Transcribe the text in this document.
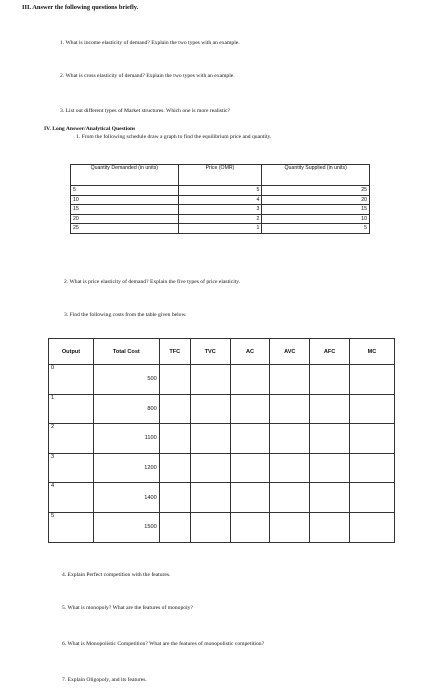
III. Answer the following questions briefly.
1. What is income elasticity of demand? Explain the two types with an example.
2. What is cross elasticity of demand? Explain the two types with an example.
3. List out different types of Market structures. Which one is more realistic?
IV. Long Answer/Analytical Questions
1. From the following schedule draw a graph to find the equilibrium price and quantity.
Quantity Demanded (in units)	Price (OMR)	Quantity Supplied (in units)
5	5	25
10	4	20
15	3	15
20	2	10
25	1	5
2. What is price elasticity of demand? Explain the five types of price elasticity.
3. Find the following costs from the table given below.
Output	Total Cost	TFC	TVC	AC	AVC	AFC	MC
0	500						
1	800						
2	1100						
3	1200						
4	1400						
5	1500						
4. Explain Perfect competition with the features.
5. What is monopoly? What are the features of monopoly?
6. What is Monopolistic Competition? What are the features of monopolistic competition?
7. Explain Oligopoly, and its features.
